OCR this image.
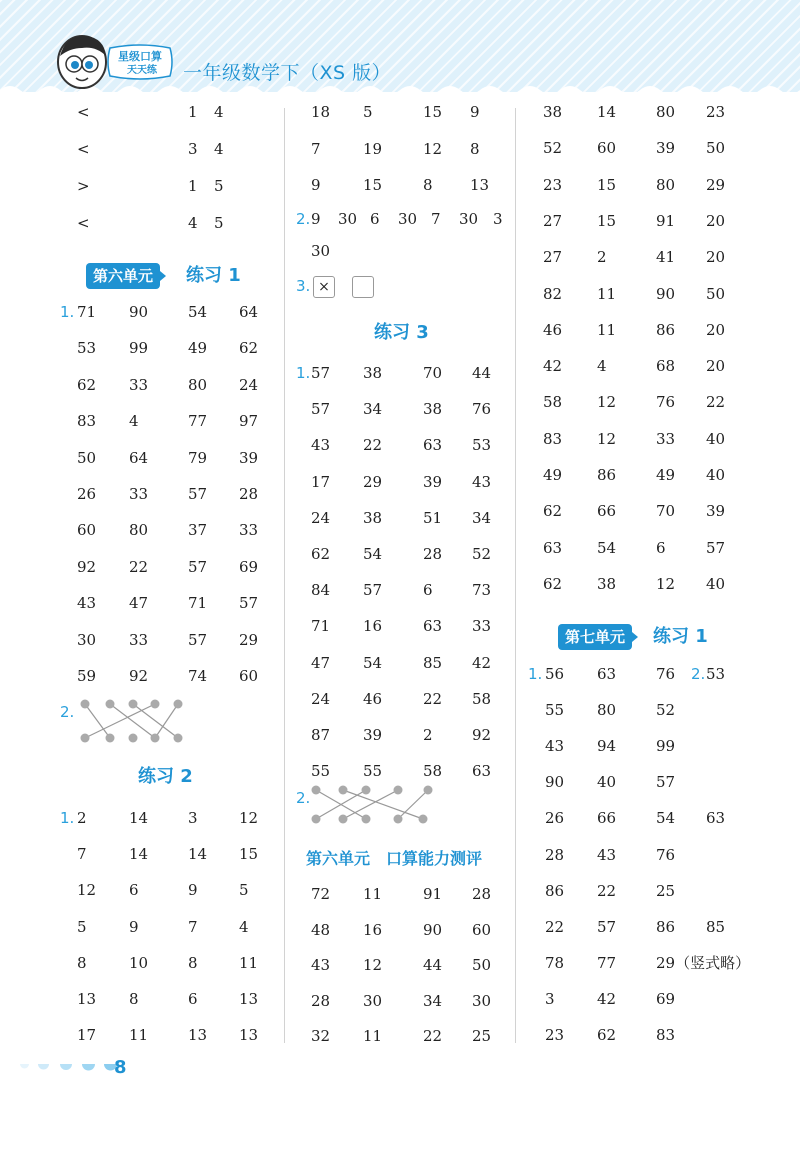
星级口算
天天练 一年级数学下（XS 版）
<	1 4
<	3 4
>	1 5
<	4 5
第六单元	练习 1
1. 71 90	54 64
53 99	49 62
62 33	80 24
83 4	77 97
50 64	79 39
26 33	57 28
60 80	37 33
92 22	57 69
43 47	71 57
30 33	57 29
59 92	74 60
2.
练习 2
1. 2	14	3	12
7	14	14 15
12 6	9	5
5	9	7	4
8	10	8	11
13 8	6	13
17 11	13 13
18 5	15 9
7	19	12 8
9	15	8 13
2. 9 30 6 30 7 30 3
30
3. ×
练习 3
1. 57 38	70 44
57 34	38 76
43 22	63 53
17 29	39 43
24 38	51 34
62 54	28 52
84 57	6	73
71 16	63 33
47 54	85 42
24 46	22 58
87 39	2	92
55 55	58 63
2.
第六单元 口算能力测评
72 11	91 28
48 16	90 60
43 12	44 50
28 30	34 30
32 11	22 25
38 14	80 23
52 60	39 50
23 15	80 29
27 15	91 20
27 2	41 20
82 11	90 50
46 11	86 20
42 4	68 20
58 12	76 22
83 12	33 40
49 86	49 40
62 66	70 39
63 54	6	57
62 38	12 40
第七单元	练习 1
1.	2.
56 63	76 53
55 80	52
43 94	99
90 40	57
26 66	54 63
28 43	76
86 22	25
22 57	86 85
78 77	29（竖式略）
3	42	69
23 62	83
8
